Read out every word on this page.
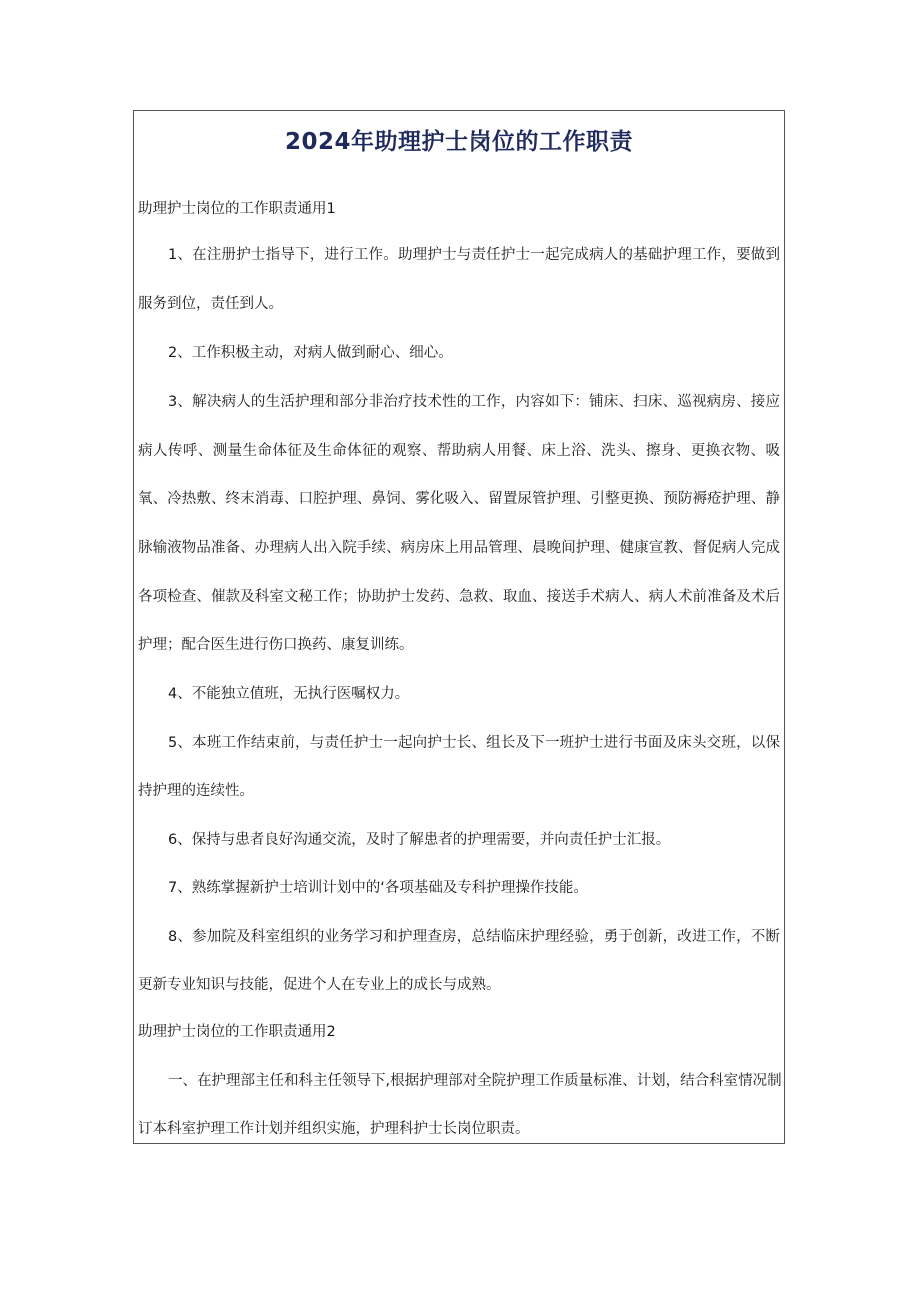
2024年助理护士岗位的工作职责
助理护士岗位的工作职责通用1
1、在注册护士指导下，进行工作。助理护士与责任护士一起完成病人的基础护理工作，要做到
服务到位，责任到人。
2、工作积极主动，对病人做到耐心、细心。
3、解决病人的生活护理和部分非治疗技术性的工作，内容如下：铺床、扫床、巡视病房、接应
病人传呼、测量生命体征及生命体征的观察、帮助病人用餐、床上浴、洗头、擦身、更换衣物、吸
氧、冷热敷、终末消毒、口腔护理、鼻饲、雾化吸入、留置尿管护理、引整更换、预防褥疮护理、静
脉输液物品准备、办理病人出入院手续、病房床上用品管理、晨晚间护理、健康宣教、督促病人完成
各项检查、催款及科室文秘工作；协助护士发药、急救、取血、接送手术病人、病人术前准备及术后
护理；配合医生进行伤口换药、康复训练。
4、不能独立值班，无执行医嘱权力。
5、本班工作结束前，与责任护士一起向护士长、组长及下一班护士进行书面及床头交班，以保
持护理的连续性。
6、保持与患者良好沟通交流，及时了解患者的护理需要，并向责任护士汇报。
7、熟练掌握新护士培训计划中的‘各项基础及专科护理操作技能。
8、参加院及科室组织的业务学习和护理查房，总结临床护理经验，勇于创新，改进工作，不断
更新专业知识与技能，促进个人在专业上的成长与成熟。
助理护士岗位的工作职责通用2
一、在护理部主任和科主任领导下,根据护理部对全院护理工作质量标准、计划，结合科室情况制
订本科室护理工作计划并组织实施，护理科护士长岗位职责。
